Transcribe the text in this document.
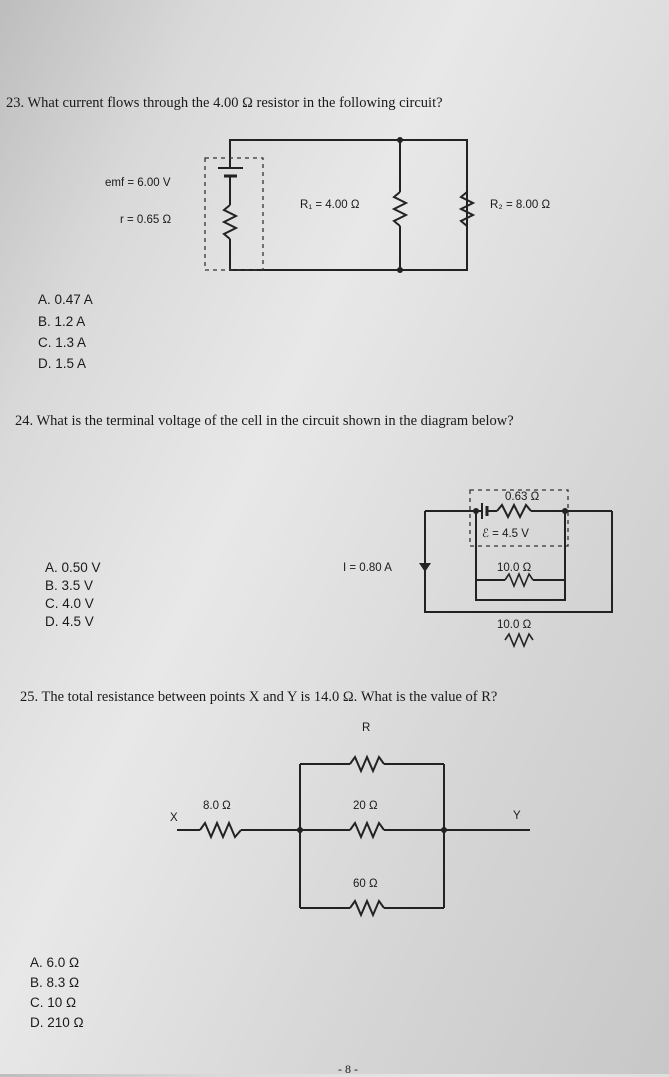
23. What current flows through the 4.00 Ω resistor in the following circuit?
emf = 6.00 V
r = 0.65 Ω
R₁ = 4.00 Ω	R₂ = 8.00 Ω
A. 0.47 A
B. 1.2 A
C. 1.3 A
D. 1.5 A
24. What is the terminal voltage of the cell in the circuit shown in the diagram below?
0.63 Ω
ℰ = 4.5 V
I = 0.80 A	10.0 Ω
10.0 Ω
A. 0.50 V
B. 3.5 V
C. 4.0 V
D. 4.5 V
25. The total resistance between points X and Y is 14.0 Ω. What is the value of R?
R
8.0 Ω
X
20 Ω
Y
60 Ω
A. 6.0 Ω
B. 8.3 Ω
C. 10 Ω
D. 210 Ω
- 8 -
